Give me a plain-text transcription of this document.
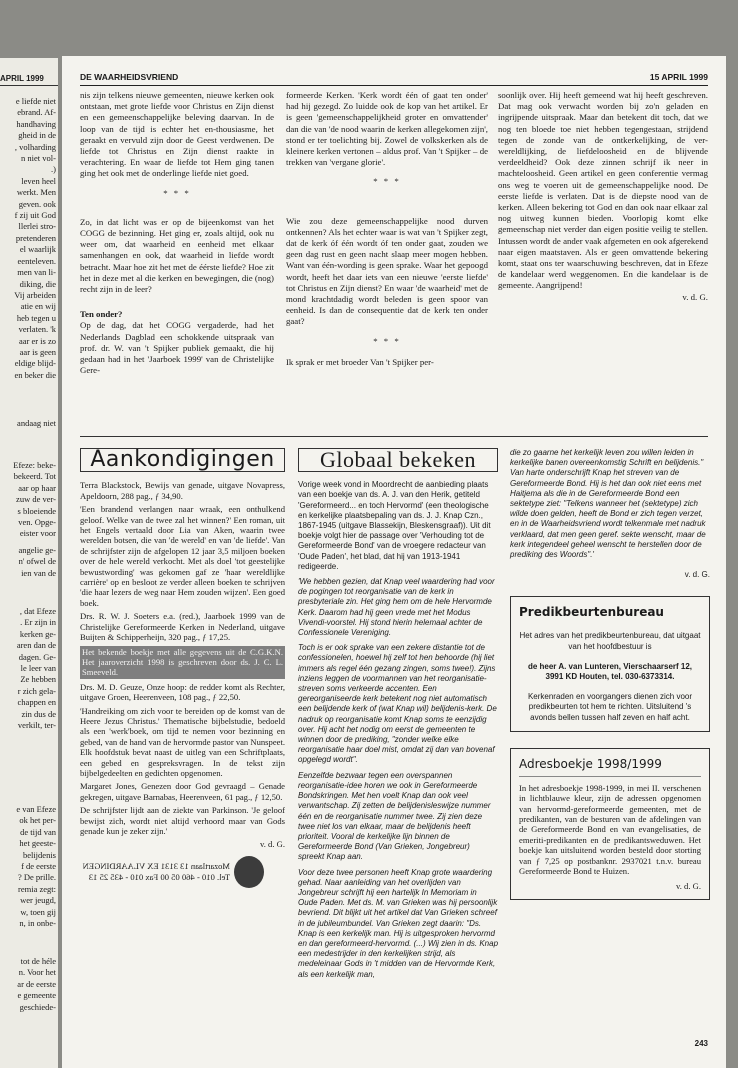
APRIL 1999

e liefde niet
ebrand. Af-
handhaving
gheid in de
, volharding
n niet vol-
.)
leven heel
werkt. Men
geven. ook
f zij uit God
llerlei stro-
pretenderen
el waarlijk
eenteleven.
men van li-
diking, die
Vij arbeiden
atie en wij
heb tegen u
verlaten. 'k
aar er is zo
aar is geen
eldige blijd-
en beker die

andaag niet

Efeze: beke-
bekeerd. Tot
aar op haar
zuw de ver-
s bloeiende
ven. Opge-
eister voor

angelie ge-
n' ofwel de
ien van de

, dat Efeze
. Er zijn in
kerken ge-
aren dan de
dagen. Ge-
le leer van
Ze hebben
r zich gela-
chappen en
zin dus de
verkilt, ter-

e van Efeze
ok het per-
de tijd van
het geeste-
belijdenis
f de eerste
? De prille.
remia zegt:
wer jeugd,
w, toen gij
n, in onbe-

tot de héle
n. Voor het
ar de eerste
e gemeente
geschiede-

DE WAARHEIDSVRIEND	15 APRIL 1999

nis zijn telkens nieuwe gemeenten, nieuwe kerken ook ontstaan, met grote liefde voor Christus en Zijn dienst en een gemeenschappelijke beleving daarvan. In de loop van de tijd is echter het en-thousiasme, het geraakt en vervuld zijn door de Geest verdwenen. De liefde tot Christus en Zijn dienst raakte in verachtering. En waar de liefde tot Hem ging tanen ging het ook met de onderlinge liefde niet goed.

* * *

Zo, in dat licht was er op de bijeenkomst van het COGG de bezinning. Het ging er, zoals altijd, ook nu weer om, dat waarheid en eenheid met elkaar samenhangen en ook, dat waarheid in liefde wordt betracht. Maar hoe zit het met de éérste liefde? Hoe zit het in deze met al die kerken en bewegingen, die (nog) recht zijn in de leer?

Ten onder?

Op de dag, dat het COGG vergaderde, had het Nederlands Dagblad een schokkende uitspraak van prof. dr. W. van 't Spijker publiek gemaakt, die hij gedaan had in het 'Jaarboek 1999' van de Christelijke Gere-

formeerde Kerken. 'Kerk wordt één of gaat ten onder' had hij gezegd. Zo luidde ook de kop van het artikel. Er is geen 'gemeenschappelijkheid groter en omvattender' dan die van 'de nood waarin de kerken allegekomen zijn', stond er ter toelichting bij. Zowel de volkskerken als de kleinere kerken vertonen – aldus prof. Van 't Spijker – de trekken van 'vergane glorie'.

* * *

Wie zou deze gemeenschappelijke nood durven ontkennen? Als het echter waar is wat van 't Spijker zegt, dat de kerk óf één wordt óf ten onder gaat, zouden we geen dag rust en geen nacht slaap meer mogen hebben. Want van één-wording is geen sprake. Waar het gepoogd wordt, heeft het daar iets van een nieuwe 'eerste liefde' tot Christus en Zijn dienst? En waar 'de waarheid' met de mond krachtdadig wordt beleden is geen spoor van eenheid. Is dan de consequentie dat de kerk ten onder gaat?

* * *

Ik sprak er met broeder Van 't Spijker per-

soonlijk over. Hij heeft gemeend wat hij heeft geschreven. Dat mag ook verwacht worden bij zo'n geladen en ingrijpende uitspraak. Maar dan betekent dit toch, dat we nog ten bloede toe niet hebben tegengestaan, strijdend tegen de zonde van de ontkerkelijking, de ver-wereldlijking, de liefdeloosheid en de blijvende verdeeldheid? Ook deze zinnen schrijf ik neer in machteloosheid. Geen artikel en geen conferentie vermag ons weg te voeren uit de gemeenschappelijke nood. De eerste liefde is verlaten. Dat is de diepste nood van de kerken. Alleen bekering tot God en dan ook naar elkaar zal nog uitweg kunnen bieden. Voorlopig komt elke gemeenschap niet verder dan eigen positie veilig te stellen. Intussen wordt de ander vaak afgemeten en ook afgerekend naar eigen maatstaven. Als er geen omvattende bekering komt, staat ons ter waarschuwing beschreven, dat in Efeze de kandelaar werd weggenomen. En die kandelaar is de gemeente. Aangrijpend!

v. d. G.

Aankondigingen

Terra Blackstock, Bewijs van genade, uitgave Novapress, Apeldoorn, 288 pag., ƒ 34,90.

'Een brandend verlangen naar wraak, een onthulkend geloof. Welke van de twee zal het winnen?' Een roman, uit het Engels vertaald door Lia van Aken, waarin twee werelden botsen, die van 'de wereld' en van 'de liefde'. Van de schrijfster zijn de afgelopen 12 jaar 3,5 miljoen boeken over de hele wereld verkocht. Met als doel 'tot geestelijke bewustwording' was gekomen gaf ze 'haar wereldlijke carrière' op en besloot ze verder alleen boeken te schrijven 'die haar lezers de weg naar Hem zouden wijzen'. Een goed boek.

Drs. R. W. J. Soeters e.a. (red.), Jaarboek 1999 van de Christelijke Gereformeerde Kerken in Nederland, uitgave Buijten & Schipperheijn, 320 pag., ƒ 17,25.

Het bekende boekje met alle gegevens uit de C.G.K.N. Het jaaroverzicht 1998 is geschreven door ds. J. C. L. Smeeveld.

Drs. M. D. Geuze, Onze hoop: de redder komt als Rechter, uitgave Groen, Heerenveen, 108 pag., ƒ 22,50.

'Handreiking om zich voor te bereiden op de komst van de Heere Jezus Christus.' Thematische bijbelstudie, bedoeld als een 'werk'boek, om tijd te nemen voor bezinning en gebed, van de hand van de hervormde pastor van Nunspeet. Elk hoofdstuk bevat naast de uitleg van een Schriftplaats, een gebed en gespreksvragen. In de tekst zijn bijbelgedeelten en gedichten opgenomen.

Margaret Jones, Genezen door God gevraagd – Genade gekregen, uitgave Barnabas, Heerenveen, 61 pag., ƒ 12,50.

De schrijfster lijdt aan de ziekte van Parkinson. 'Je geloof bewijst zich, wordt niet altijd verhoord maar van Gods genade kun je zeker zijn.'

v. d. G.

Mozartlaan 13 3131 EX VLAARDINGEN Tel. 010 - 460 05 00 Fax 010 - 435 25 13

Globaal bekeken

Vorige week vond in Moordrecht de aanbieding plaats van een boekje van ds. A. J. van den Herik, getiteld 'Gereformeerd... en toch Hervormd' (een theologische en kerkelijke plaatsbepaling van ds. J. J. Knap Czn., 1867-1945 (uitgave Blassekijn, Bleskensgraaf)). Uit dit boekje volgt hier de passage over 'Verhouding tot de Gereformeerde Bond' van de vroegere redacteur van 'Oude Paden', het blad, dat hij van 1913-1941 redigeerde.

'We hebben gezien, dat Knap veel waardering had voor de pogingen tot reorganisatie van de kerk in presbyteriale zin. Het ging hem om de hele Hervormde Kerk. Daarom had hij geen vrede met het Modus Vivendi-voorstel. Hij stond hierin helemaal achter de Confessionele Vereniging.

Toch is er ook sprake van een zekere distantie tot de confessionelen, hoewel hij zelf tot hen behoorde (hij liet immers als regel één gezang zingen, soms twee!). Zijns inziens leggen de voormannen van het reorganisatie-streven soms verkeerde accenten. Een gereorganiseerde kerk betekent nog niet automatisch een belijdende kerk of (wat Knap wil) belijdenis-kerk. De nadruk op reorganisatie komt Knap soms te eenzijdig over. Hij acht het nodig om eerst de gemeenten te winnen door de prediking, "zonder welke elke reorganisatie haar doel mist, omdat zij dan van bovenaf opgelegd wordt".

Eenzelfde bezwaar tegen een overspannen reorganisatie-idee horen we ook in Gereformeerde Bondskringen. Met hen voelt Knap dan ook veel verwantschap. Zij zetten de belijdenisleswijze nummer één en de reorganisatie nummer twee. Zij zien deze twee niet los van elkaar, maar de belijdenis heeft prioriteit. Vooral de kerkelijke lijn binnen de Gereformeerde Bond (Van Grieken, Jongebreur) spreekt Knap aan.

Voor deze twee personen heeft Knap grote waardering gehad. Naar aanleiding van het overlijden van Jongebreur schrijft hij een hartelijk In Memoriam in Oude Paden. Met ds. M. van Grieken was hij persoonlijk bevriend. Dit blijkt uit het artikel dat Van Grieken schreef in de jubileumbundel. Van Grieken zegt daarin: "Ds. Knap is een kerkelijk man. Hij is uitgesproken hervormd en dan gereformeerd-hervormd. (...) Wij zien in ds. Knap een medestrijder in den kerkelijken strijd, als medeleinaar Gods in 't midden van de Hervormde Kerk, als een kerkelijk man,

die zo gaarne het kerkelijk leven zou willen leiden in kerkelijke banen overeenkomstig Schrift en belijdenis."

Van harte onderschrijft Knap het streven van de Gereformeerde Bond. Hij is het dan ook niet eens met Haitjema als die in de Gereformeerde Bond een sektetype ziet: "Telkens wanneer het (sektetype) zich wilde doen gelden, heeft de Bond er zich tegen verzet, en in de Waarheidsvriend wordt telkenmale met nadruk verklaard, dat men geen geref. sekte wenscht, maar de kerk integendeel geheel wenscht te herstellen door de prediking des Woords".'

v. d. G.

Predikbeurtenbureau

Het adres van het predikbeurtenbureau, dat uitgaat van het hoofdbestuur is

de heer A. van Lunteren, Vierschaarserf 12, 3991 KD Houten, tel. 030-6373314.

Kerkenraden en voorgangers dienen zich voor predikbeurten tot hem te richten. Uitsluitend 's avonds bellen tussen half zeven en half acht.

Adresboekje 1998/1999

In het adresboekje 1998-1999, in mei II. verschenen in lichtblauwe kleur, zijn de adressen opgenomen van hervormd-gereformeerde gemeenten, met de predikanten, van de besturen van de afdelingen van de Gereformeerde Bond en van evangelisaties, de emeriti-predikanten en de predikantsweduwen. Het boekje kan uitsluitend worden besteld door storting van ƒ 7,25 op postbanknr. 2937021 t.n.v. bureau Gereformeerde Bond te Huizen.

v. d. G.

243
